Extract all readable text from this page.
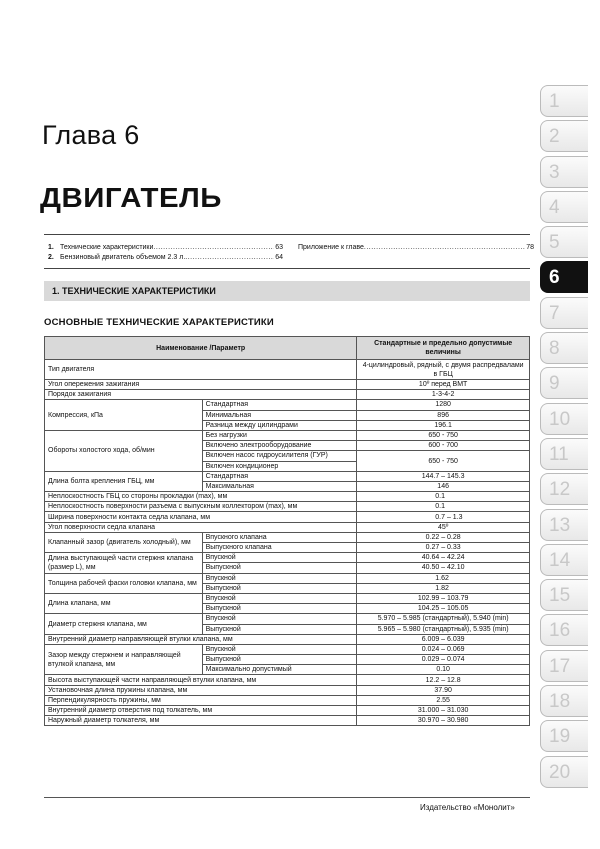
Глава 6
ДВИГАТЕЛЬ
1. Технические характеристики .....	63
2. Бензиновый двигатель объемом 2.3 л. .....	64
Приложение к главе .....	78
1. ТЕХНИЧЕСКИЕ ХАРАКТЕРИСТИКИ
ОСНОВНЫЕ ТЕХНИЧЕСКИЕ ХАРАКТЕРИСТИКИ
Наименование /Параметр		Стандартные и предельно допустимые величины
Тип двигателя		4-цилиндровый, рядный, с двумя распредвалами в ГБЦ
Угол опережения зажигания		10º перед ВМТ
Порядок зажигания		1-3-4-2
Компрессия, кПа	Стандартная	1280
	Минимальная	896
	Разница между цилиндрами	196.1
Обороты холостого хода, об/мин	Без нагрузки	650 - 750
	Включено электрооборудование	600 - 700
	Включен насос гидроусилителя (ГУР)	650 - 750
	Включен кондиционер	
Длина болта крепления ГБЦ, мм	Стандартная	144.7 – 145.3
	Максимальная	146
Неплоскостность ГБЦ со стороны прокладки (max), мм		0.1
Неплоскостность поверхности разъема с выпускным коллектором (max), мм		0.1
Ширина поверхности контакта седла клапана, мм		0.7 – 1.3
Угол поверхности седла клапана		45º
Клапанный зазор (двигатель холодный), мм	Впускного клапана	0.22 – 0.28
	Выпускного клапана	0.27 – 0.33
Длина выступающей части стержня клапана (размер L), мм	Впускной	40.64 – 42.24
	Выпускной	40.50 – 42.10
Толщина рабочей фаски головки клапана, мм	Впускной	1.62
	Выпускной	1.82
Длина клапана, мм	Впускной	102.99 – 103.79
	Выпускной	104.25 – 105.05
Диаметр стержня клапана, мм	Впускной	5.970 – 5.985 (стандартный), 5.940 (min)
	Выпускной	5.965 – 5.980 (стандартный), 5.935 (min)
Внутренний диаметр направляющей втулки клапана, мм		6.009 – 6.039
Зазор между стержнем и направляющей втулкой клапана, мм	Впускной	0.024 – 0.069
	Выпускной	0.029 – 0.074
	Максимально допустимый	0.10
Высота выступающей части направляющей втулки клапана, мм		12.2 – 12.8
Установочная длина пружины клапана, мм		37.90
Перпендикулярность пружины, мм		2.55
Внутренний диаметр отверстия под толкатель, мм		31.000 – 31.030
Наружный диаметр толкателя, мм		30.970 – 30.980
Издательство «Монолит»
1
2
3
4
5
6
7
8
9
10
11
12
13
14
15
16
17
18
19
20
